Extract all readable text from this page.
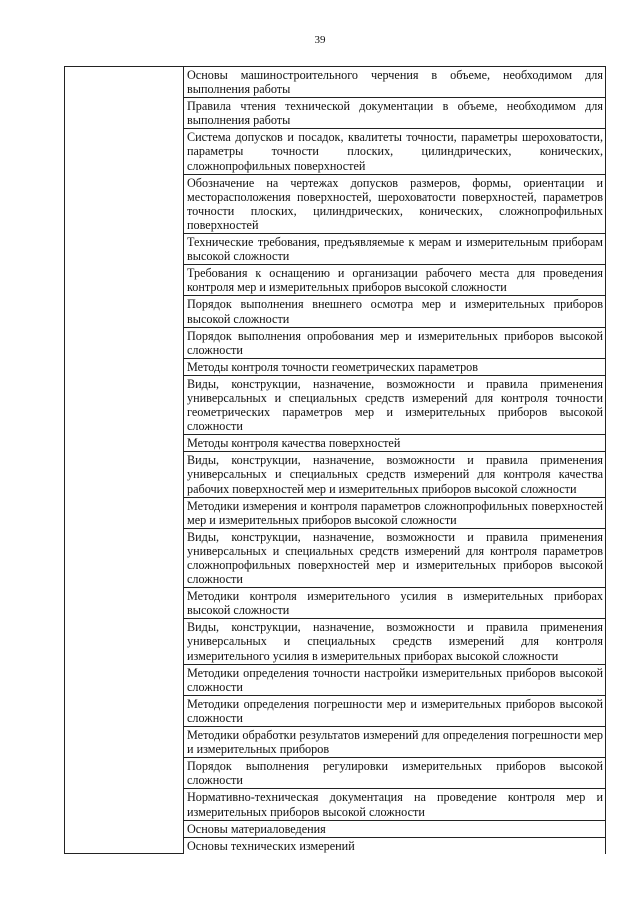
39

Основы машиностроительного черчения в объеме, необходимом для выполнения работы

Правила чтения технической документации в объеме, необходимом для выполнения работы

Система допусков и посадок, квалитеты точности, параметры шероховатости, параметры точности плоских, цилиндрических, конических, сложнопрофильных поверхностей

Обозначение на чертежах допусков размеров, формы, ориентации и месторасположения поверхностей, шероховатости поверхностей, параметров точности плоских, цилиндрических, конических, сложнопрофильных поверхностей

Технические требования, предъявляемые к мерам и измерительным приборам высокой сложности

Требования к оснащению и организации рабочего места для проведения контроля мер и измерительных приборов высокой сложности

Порядок выполнения внешнего осмотра мер и измерительных приборов высокой сложности

Порядок выполнения опробования мер и измерительных приборов высокой сложности

Методы контроля точности геометрических параметров

Виды, конструкции, назначение, возможности и правила применения универсальных и специальных средств измерений для контроля точности геометрических параметров мер и измерительных приборов высокой сложности

Методы контроля качества поверхностей

Виды, конструкции, назначение, возможности и правила применения универсальных и специальных средств измерений для контроля качества рабочих поверхностей мер и измерительных приборов высокой сложности

Методики измерения и контроля параметров сложнопрофильных поверхностей мер и измерительных приборов высокой сложности

Виды, конструкции, назначение, возможности и правила применения универсальных и специальных средств измерений для контроля параметров сложнопрофильных поверхностей мер и измерительных приборов высокой сложности

Методики контроля измерительного усилия в измерительных приборах высокой сложности

Виды, конструкции, назначение, возможности и правила применения универсальных и специальных средств измерений для контроля измерительного усилия в измерительных приборах высокой сложности

Методики определения точности настройки измерительных приборов высокой сложности

Методики определения погрешности мер и измерительных приборов высокой сложности

Методики обработки результатов измерений для определения погрешности мер и измерительных приборов

Порядок выполнения регулировки измерительных приборов высокой сложности

Нормативно-техническая документация на проведение контроля мер и измерительных приборов высокой сложности

Основы материаловедения

Основы технических измерений
